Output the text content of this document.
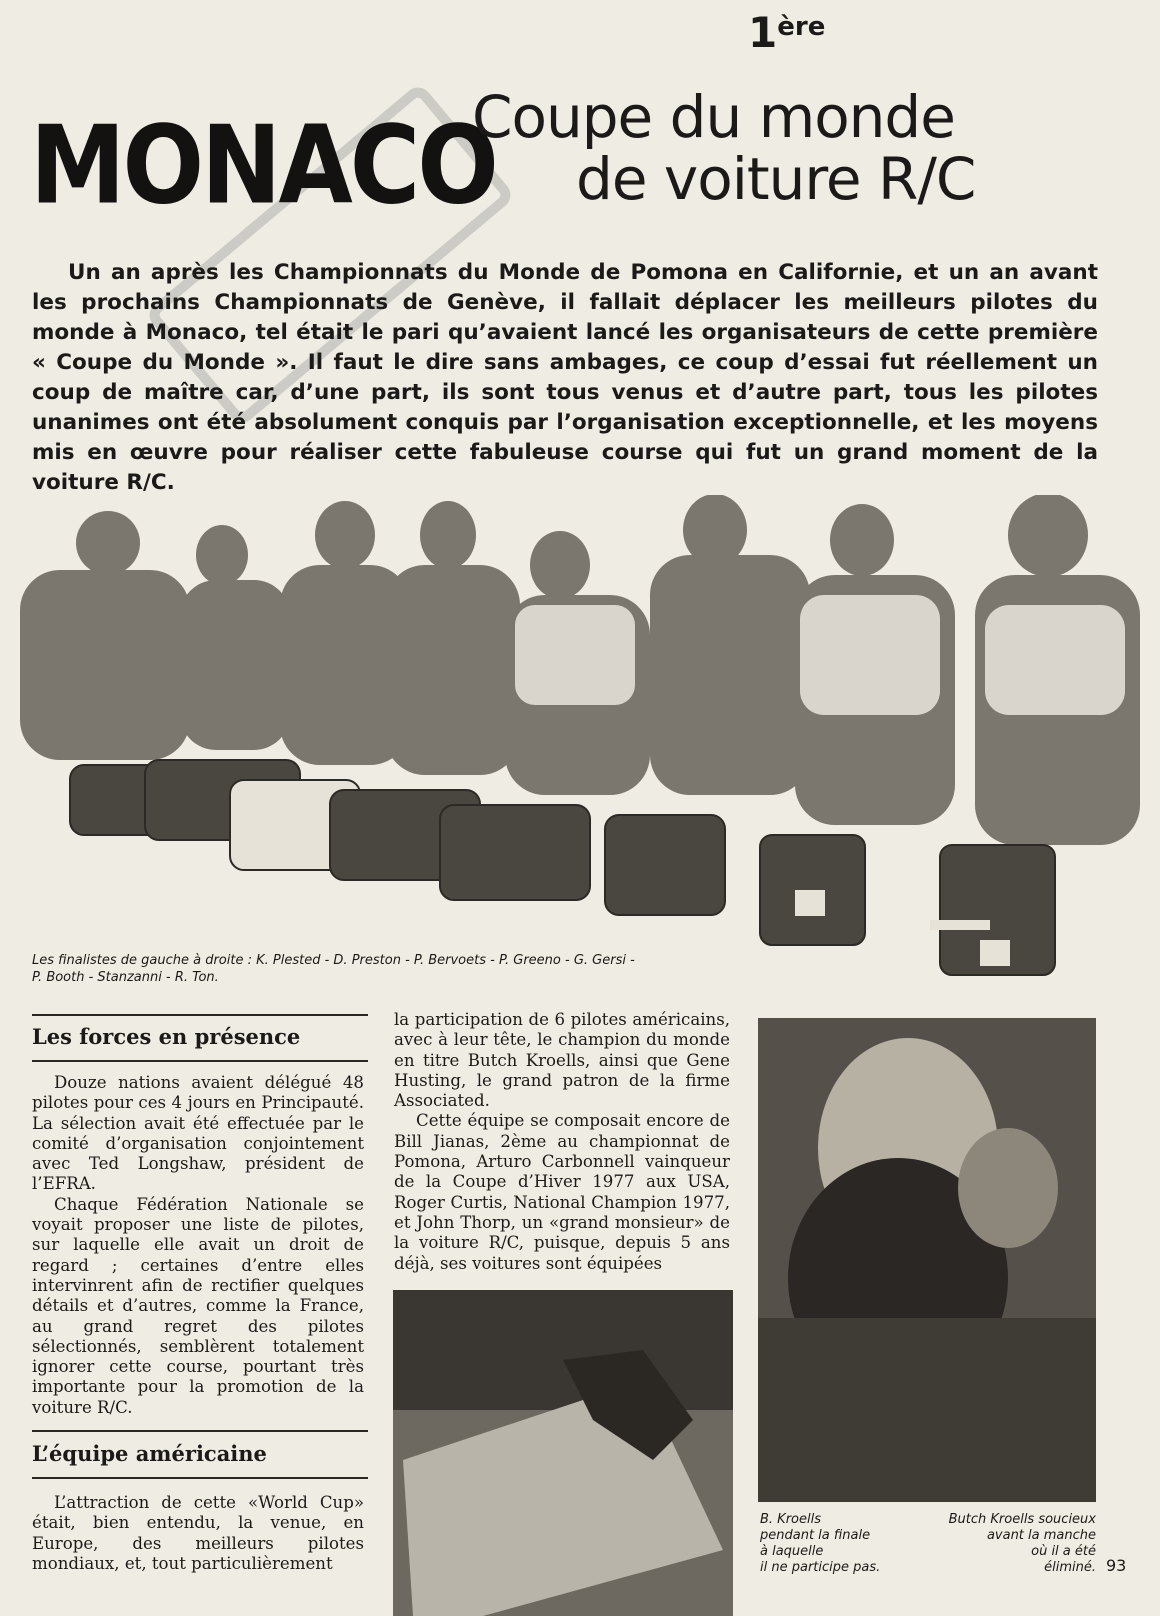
1ère
MONACO
Coupe du monde
de voiture R/C
Un an après les Championnats du Monde de Pomona en Californie, et un an avant les prochains Championnats de Genève, il fallait déplacer les meilleurs pilotes du monde à Monaco, tel était le pari qu’avaient lancé les organisateurs de cette première « Coupe du Monde ». Il faut le dire sans ambages, ce coup d’essai fut réellement un coup de maître car, d’une part, ils sont tous venus et d’autre part, tous les pilotes unanimes ont été absolument conquis par l’organisation exceptionnelle, et les moyens mis en œuvre pour réaliser cette fabuleuse course qui fut un grand moment de la voiture R/C.
Les finalistes de gauche à droite : K. Plested - D. Preston - P. Bervoets - P. Greeno - G. Gersi -
P. Booth - Stanzanni - R. Ton.
Les forces en présence

Douze nations avaient délégué 48 pilotes pour ces 4 jours en Principauté. La sélection avait été effectuée par le comité d’organisation conjointement avec Ted Longshaw, président de l’EFRA.

Chaque Fédération Nationale se voyait proposer une liste de pilotes, sur laquelle elle avait un droit de regard ; certaines d’entre elles intervinrent afin de rectifier quelques détails et d’autres, comme la France, au grand regret des pilotes sélectionnés, semblèrent totalement ignorer cette course, pourtant très importante pour la promotion de la voiture R/C.

L’équipe américaine

L’attraction de cette «World Cup» était, bien entendu, la venue, en Europe, des meilleurs pilotes mondiaux, et, tout particulièrement

la participation de 6 pilotes américains, avec à leur tête, le champion du monde en titre Butch Kroells, ainsi que Gene Husting, le grand patron de la firme Associated.

Cette équipe se composait encore de Bill Jianas, 2ème au championnat de Pomona, Arturo Carbonnell vainqueur de la Coupe d’Hiver 1977 aux USA, Roger Curtis, National Champion 1977, et John Thorp, un «grand monsieur» de la voiture R/C, puisque, depuis 5 ans déjà, ses voitures sont équipées

B. Kroells
pendant la finale
à laquelle
il ne participe pas.
Butch Kroells soucieux
avant la manche
où il a été
éliminé. 93
